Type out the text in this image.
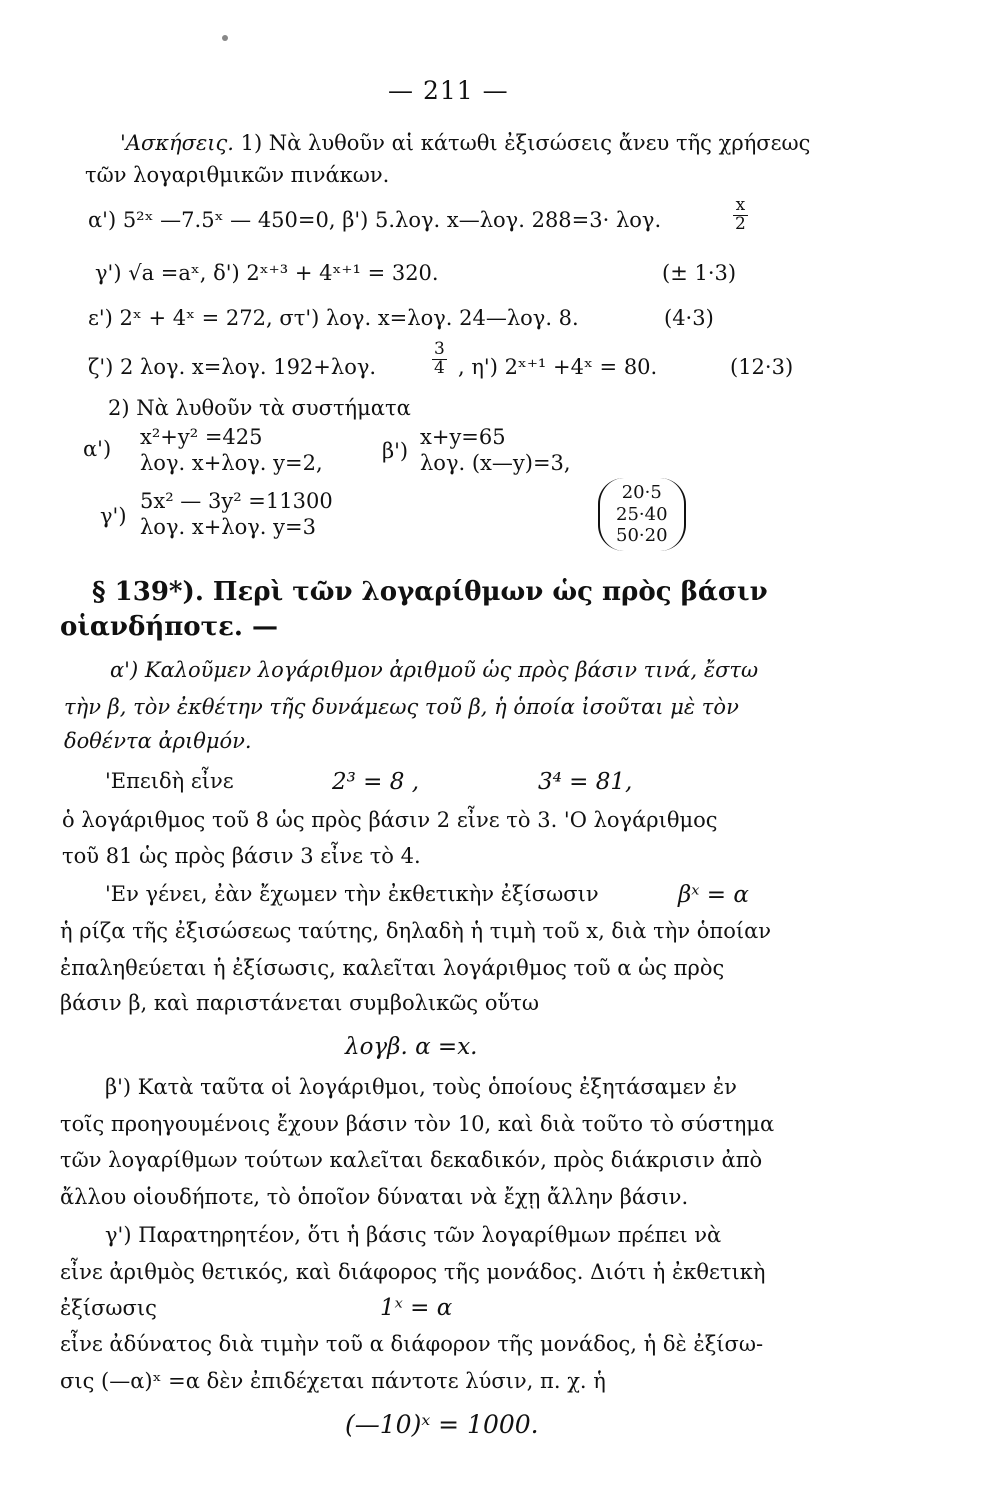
— 211 —
'Ασκήσεις. 1) Νὰ λυθοῦν αἱ κάτωθι ἐξισώσεις ἄνευ τῆς χρήσεως
τῶν λογαριθμικῶν πινάκων.
α') 5²ˣ —7.5ˣ — 450=0, β') 5.λογ. x—λογ. 288=3· λογ.	$\frac{x}{2}$
γ') √a =aˣ, δ') 2ˣ⁺³ + 4ˣ⁺¹ = 320.	(± 1·3)
ε') 2ˣ + 4ˣ = 272, στ') λογ. x=λογ. 24—λογ. 8.	(4·3)
ζ') 2 λογ. x=λογ. 192+λογ.	$\frac{3}{4}$ , η') 2ˣ⁺¹ +4ˣ = 80.	(12·3)
2) Νὰ λυθοῦν τὰ συστήματα
α') x²+y² =425
λογ. x+λογ. y=2,
β')
x+y=65
λογ. (x—y)=3,
γ')
5x² — 3y² =11300
λογ. x+λογ. y=3
20·5
25·40
50·20
§ 139*). Περὶ τῶν λογαρίθμων ὡς πρὸς βάσιν
οἱανδήποτε. —
α') Καλοῦμεν λογάριθμον ἀριθμοῦ ὡς πρὸς βάσιν τινά, ἔστω
τὴν β, τὸν ἐκθέτην τῆς δυνάμεως τοῦ β, ἡ ὁποία ἰσοῦται μὲ τὸν
δοθέντα ἀριθμόν.
'Επειδὴ εἶνε	2³ = 8 ,	3⁴ = 81,
ὁ λογάριθμος τοῦ 8 ὡς πρὸς βάσιν 2 εἶνε τὸ 3. 'Ο λογάριθμος
τοῦ 81 ὡς πρὸς βάσιν 3 εἶνε τὸ 4.
'Εν γένει, ἐὰν ἔχωμεν τὴν ἐκθετικὴν ἐξίσωσιν	βˣ = α
ἡ ρίζα τῆς ἐξισώσεως ταύτης, δηλαδὴ ἡ τιμὴ τοῦ x, διὰ τὴν ὁποίαν
ἐπαληθεύεται ἡ ἐξίσωσις, καλεῖται λογάριθμος τοῦ α ὡς πρὸς
βάσιν β, καὶ παριστάνεται συμβολικῶς οὕτω
λογβ. α =x.
β') Κατὰ ταῦτα οἱ λογάριθμοι, τοὺς ὁποίους ἐξητάσαμεν ἐν
τοῖς προηγουμένοις ἔχουν βάσιν τὸν 10, καὶ διὰ τοῦτο τὸ σύστημα
τῶν λογαρίθμων τούτων καλεῖται δεκαδικόν, πρὸς διάκρισιν ἀπὸ
ἄλλου οἱουδήποτε, τὸ ὁποῖον δύναται νὰ ἔχῃ ἄλλην βάσιν.
γ') Παρατηρητέον, ὅτι ἡ βάσις τῶν λογαρίθμων πρέπει νὰ
εἶνε ἀριθμὸς θετικός, καὶ διάφορος τῆς μονάδος. Διότι ἡ ἐκθετικὴ
ἐξίσωσις	1ˣ = α
εἶνε ἀδύνατος διὰ τιμὴν τοῦ α διάφορον τῆς μονάδος, ἡ δὲ ἐξίσω-
σις (—α)ˣ =α δὲν ἐπιδέχεται πάντοτε λύσιν, π. χ. ἡ
(—10)ˣ = 1000.
